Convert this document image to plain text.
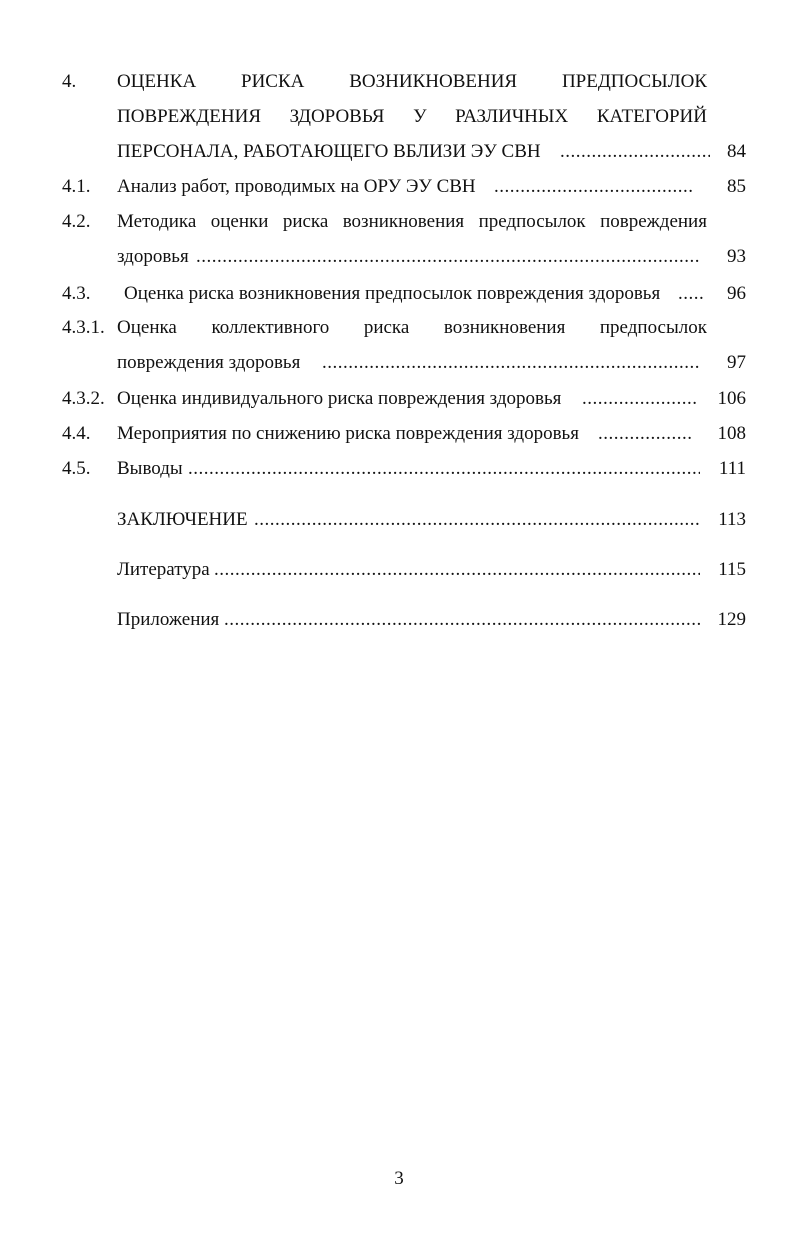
4. ОЦЕНКА РИСКА ВОЗНИКНОВЕНИЯ ПРЕДПОСЫЛОК
ПОВРЕЖДЕНИЯ ЗДОРОВЬЯ У РАЗЛИЧНЫХ КАТЕГОРИЙ
ПЕРСОНАЛА, РАБОТАЮЩЕГО ВБЛИЗИ ЭУ СВН .....	84
4.1. Анализ работ, проводимых на ОРУ ЭУ СВН .....	85
4.2. Методика оценки риска возникновения предпосылок повреждения
здоровья .....	93
4.3. Оценка риска возникновения предпосылок повреждения здоровья .....	96
4.3.1. Оценка коллективного риска возникновения предпосылок
повреждения здоровья .....	97
4.3.2. Оценка индивидуального риска повреждения здоровья .....	106
4.4. Мероприятия по снижению риска повреждения здоровья .....	108
4.5. Выводы .....	111
ЗАКЛЮЧЕНИЕ .....	113
Литература .....	115
Приложения .....	129
3
